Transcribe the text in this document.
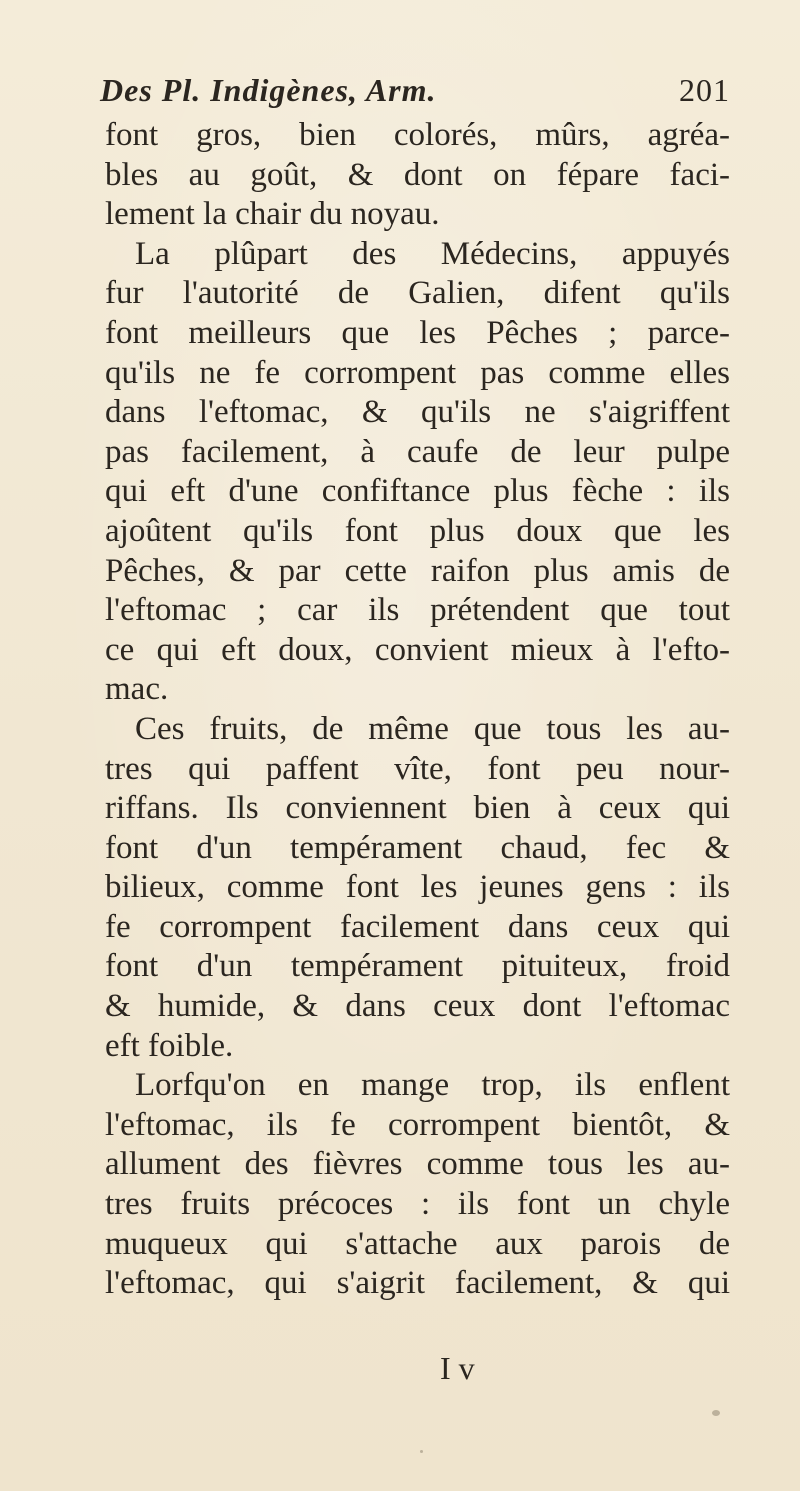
Des Pl. Indigènes, Arm.	201
font gros, bien colorés, mûrs, agréa-
bles au goût, & dont on fépare faci-
lement la chair du noyau.
La plûpart des Médecins, appuyés
fur l'autorité de Galien, difent qu'ils
font meilleurs que les Pêches ; parce-
qu'ils ne fe corrompent pas comme elles
dans l'eftomac, & qu'ils ne s'aigriffent
pas facilement, à caufe de leur pulpe
qui eft d'une confiftance plus fèche : ils
ajoûtent qu'ils font plus doux que les
Pêches, & par cette raifon plus amis de
l'eftomac ; car ils prétendent que tout
ce qui eft doux, convient mieux à l'efto-
mac.
Ces fruits, de même que tous les au-
tres qui paffent vîte, font peu nour-
riffans. Ils conviennent bien à ceux qui
font d'un tempérament chaud, fec &
bilieux, comme font les jeunes gens : ils
fe corrompent facilement dans ceux qui
font d'un tempérament pituiteux, froid
& humide, & dans ceux dont l'eftomac
eft foible.
Lorfqu'on en mange trop, ils enflent
l'eftomac, ils fe corrompent bientôt, &
allument des fièvres comme tous les au-
tres fruits précoces : ils font un chyle
muqueux qui s'attache aux parois de
l'eftomac, qui s'aigrit facilement, & qui
I v
